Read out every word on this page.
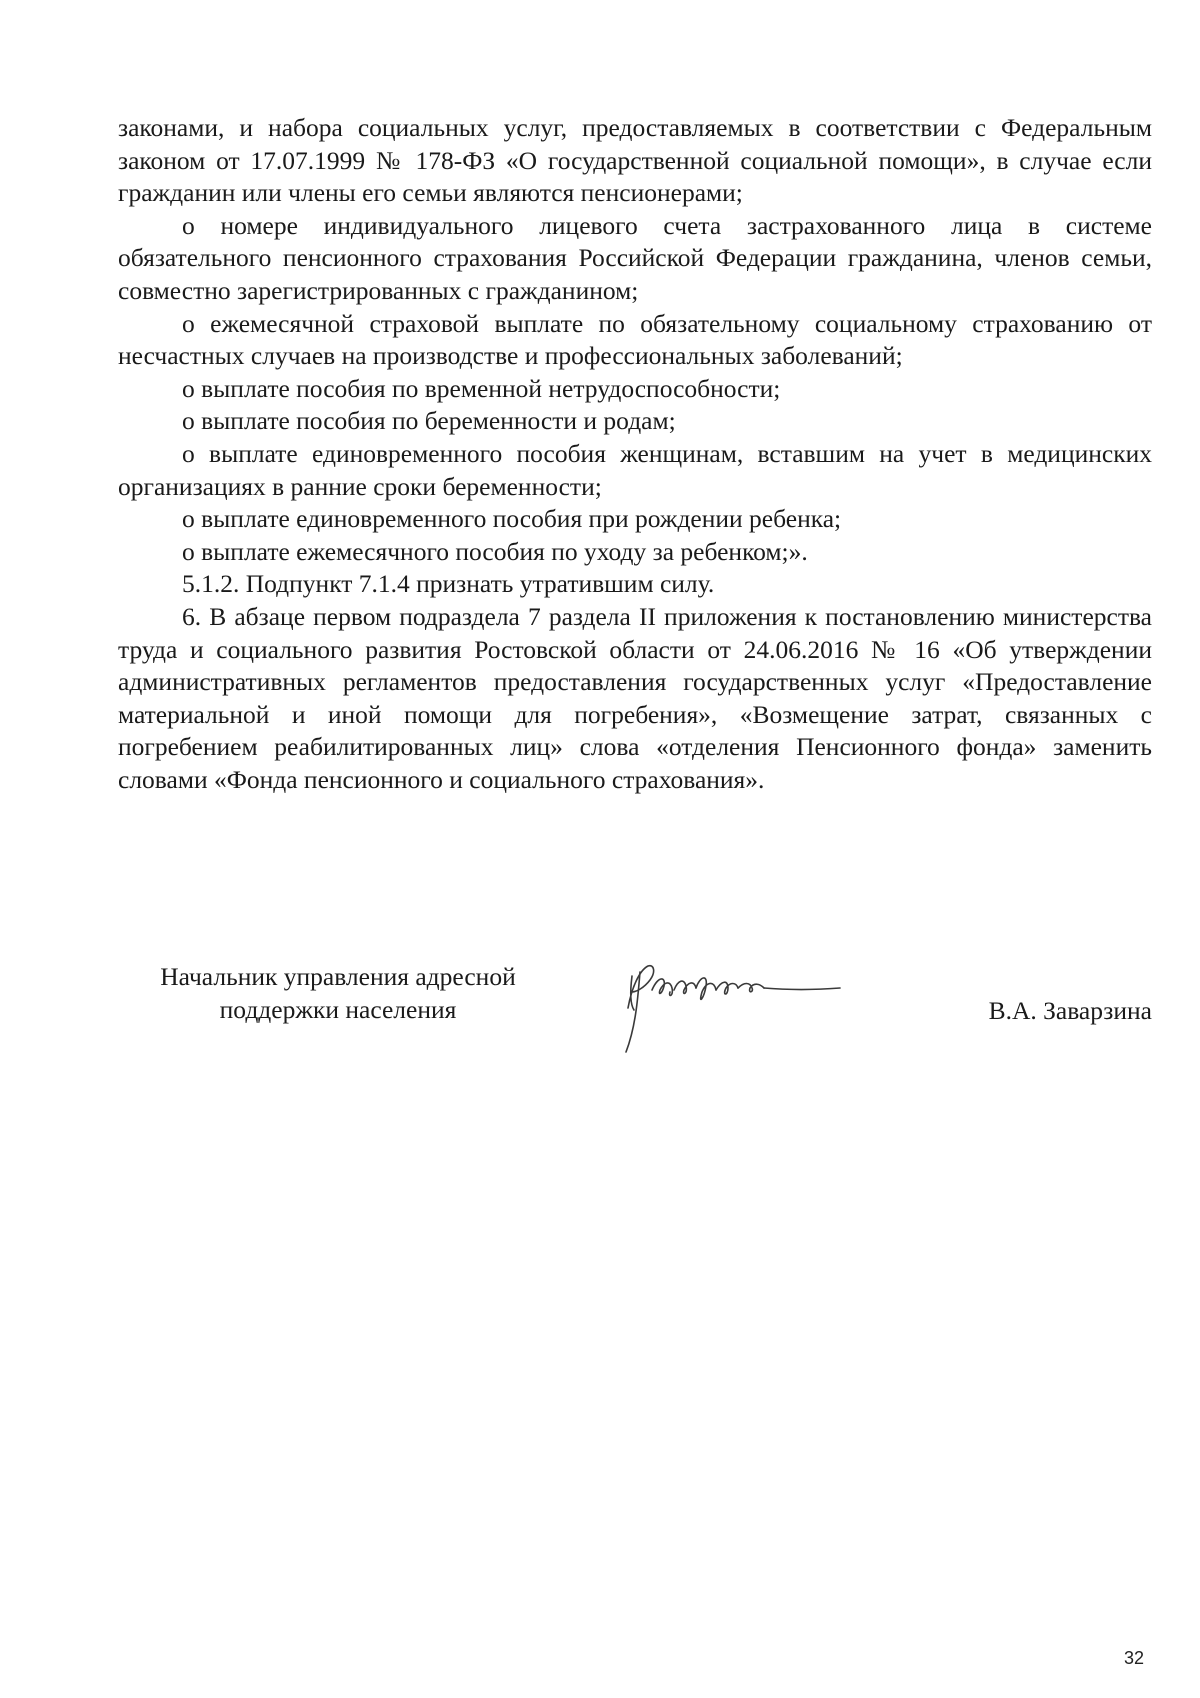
законами, и набора социальных услуг, предоставляемых в соответствии с Федеральным законом от 17.07.1999 № 178-ФЗ «О государственной социальной помощи», в случае если гражданин или члены его семьи являются пенсионерами;

о номере индивидуального лицевого счета застрахованного лица в системе обязательного пенсионного страхования Российской Федерации гражданина, членов семьи, совместно зарегистрированных с гражданином;

о ежемесячной страховой выплате по обязательному социальному страхованию от несчастных случаев на производстве и профессиональных заболеваний;

о выплате пособия по временной нетрудоспособности;

о выплате пособия по беременности и родам;

о выплате единовременного пособия женщинам, вставшим на учет в медицинских организациях в ранние сроки беременности;

о выплате единовременного пособия при рождении ребенка;

о выплате ежемесячного пособия по уходу за ребенком;».

5.1.2. Подпункт 7.1.4 признать утратившим силу.

6. В абзаце первом подраздела 7 раздела II приложения к постановлению министерства труда и социального развития Ростовской области от 24.06.2016 № 16 «Об утверждении административных регламентов предоставления государственных услуг «Предоставление материальной и иной помощи для погребения», «Возмещение затрат, связанных с погребением реабилитированных лиц» слова «отделения Пенсионного фонда» заменить словами «Фонда пенсионного и социального страхования».

Начальник управления адресной
поддержки населения	В.А. Заварзина
32
